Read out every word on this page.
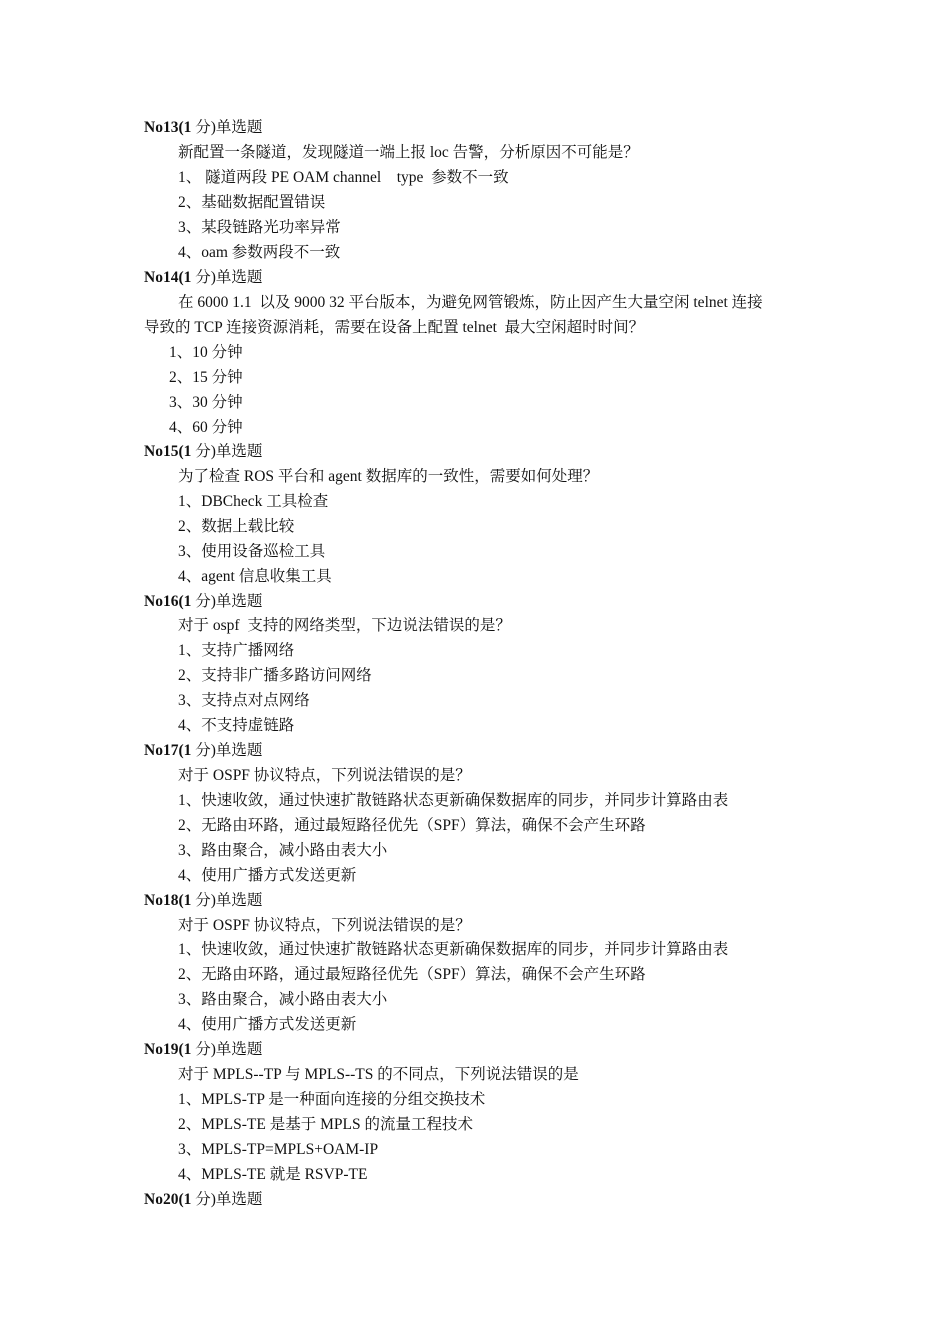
No13(1 分)单选题
新配置一条隧道，发现隧道一端上报 loc 告警，分析原因不可能是？
1、 隧道两段 PE OAM channel　type  参数不一致
2、基础数据配置错误
3、某段链路光功率异常
4、oam 参数两段不一致
No14(1 分)单选题
在 6000 1.1  以及 9000 32 平台版本，为避免网管锻炼，防止因产生大量空闲 telnet 连接
导致的 TCP 连接资源消耗，需要在设备上配置 telnet  最大空闲超时时间？
1、10 分钟
2、15 分钟
3、30 分钟
4、60 分钟
No15(1 分)单选题
为了检查 ROS 平台和 agent 数据库的一致性，需要如何处理？
1、DBCheck 工具检查
2、数据上载比较
3、使用设备巡检工具
4、agent 信息收集工具
No16(1 分)单选题
对于 ospf  支持的网络类型，下边说法错误的是？
1、支持广播网络
2、支持非广播多路访问网络
3、支持点对点网络
4、不支持虚链路
No17(1 分)单选题
对于 OSPF 协议特点，下列说法错误的是？
1、快速收敛，通过快速扩散链路状态更新确保数据库的同步，并同步计算路由表
2、无路由环路，通过最短路径优先（SPF）算法，确保不会产生环路
3、路由聚合，减小路由表大小
4、使用广播方式发送更新
No18(1 分)单选题
对于 OSPF 协议特点，下列说法错误的是？
1、快速收敛，通过快速扩散链路状态更新确保数据库的同步，并同步计算路由表
2、无路由环路，通过最短路径优先（SPF）算法，确保不会产生环路
3、路由聚合，减小路由表大小
4、使用广播方式发送更新
No19(1 分)单选题
对于 MPLS--TP 与 MPLS--TS 的不同点，下列说法错误的是
1、MPLS-TP 是一种面向连接的分组交换技术
2、MPLS-TE 是基于 MPLS 的流量工程技术
3、MPLS-TP=MPLS+OAM-IP
4、MPLS-TE 就是 RSVP-TE
No20(1 分)单选题
